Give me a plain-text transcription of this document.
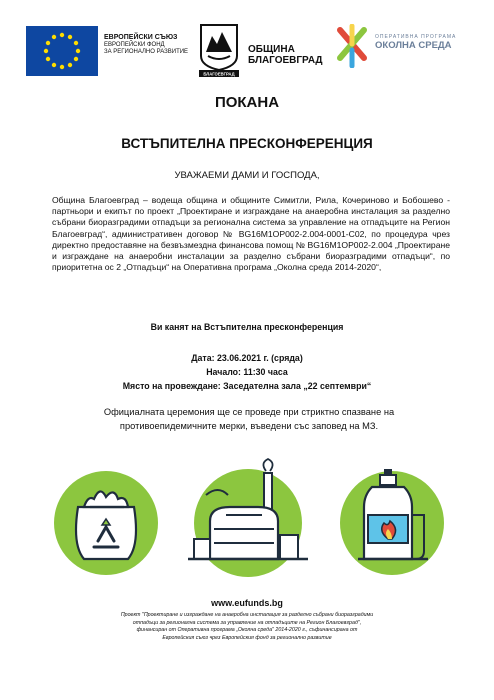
ЕВРОПЕЙСКИ СЪЮЗ
ЕВРОПЕЙСКИ ФОНД
ЗА РЕГИОНАЛНО РАЗВИТИЕ
БЛАГОЕВГРАД
ОБЩИНА
БЛАГОЕВГРАД
ОПЕРАТИВНА ПРОГРАМА
ОКОЛНА СРЕДА
ПОКАНА
ВСТЪПИТЕЛНА ПРЕСКОНФЕРЕНЦИЯ
УВАЖАЕМИ ДАМИ И ГОСПОДА,

Община Благоевград – водеща община и общините Симитли, Рила, Кочериново и Бобошево - партньори и екипът по проект „Проектиране и изграждане на анаеробна инсталация за разделно събрани биоразградими отпадъци за регионална система за управление на отпадъците на Регион Благоевград“, административен договор № BG16M1OP002-2.004-0001-C02, по процедура чрез директно предоставяне на безвъзмездна финансова помощ № BG16M1OP002-2.004 „Проектиране и изграждане на анаеробни инсталации за разделно събрани биоразградими отпадъци“, по приоритетна ос 2 „Отпадъци“ на Оперативна програма „Околна среда 2014-2020“,

Ви канят на Встъпителна пресконференция
Дата: 23.06.2021 г. (сряда)
Начало: 11:30 часа
Място на провеждане: Заседателна зала „22 септември“
Официалната церемония ще се проведе при стриктно спазване на противоепидемичните мерки, въведени със заповед на МЗ.
www.eufunds.bg
Проект "Проектиране и изграждане на анаеробна инсталация за разделно събрани биоразградими отпадъци за регионална система за управление на отпадъците на Регион Благоевград", финансиран от Оперативна програма „Околна среда" 2014-2020 г., съфинансирана от Европейския съюз чрез Европейския фонд за регионално развитие
